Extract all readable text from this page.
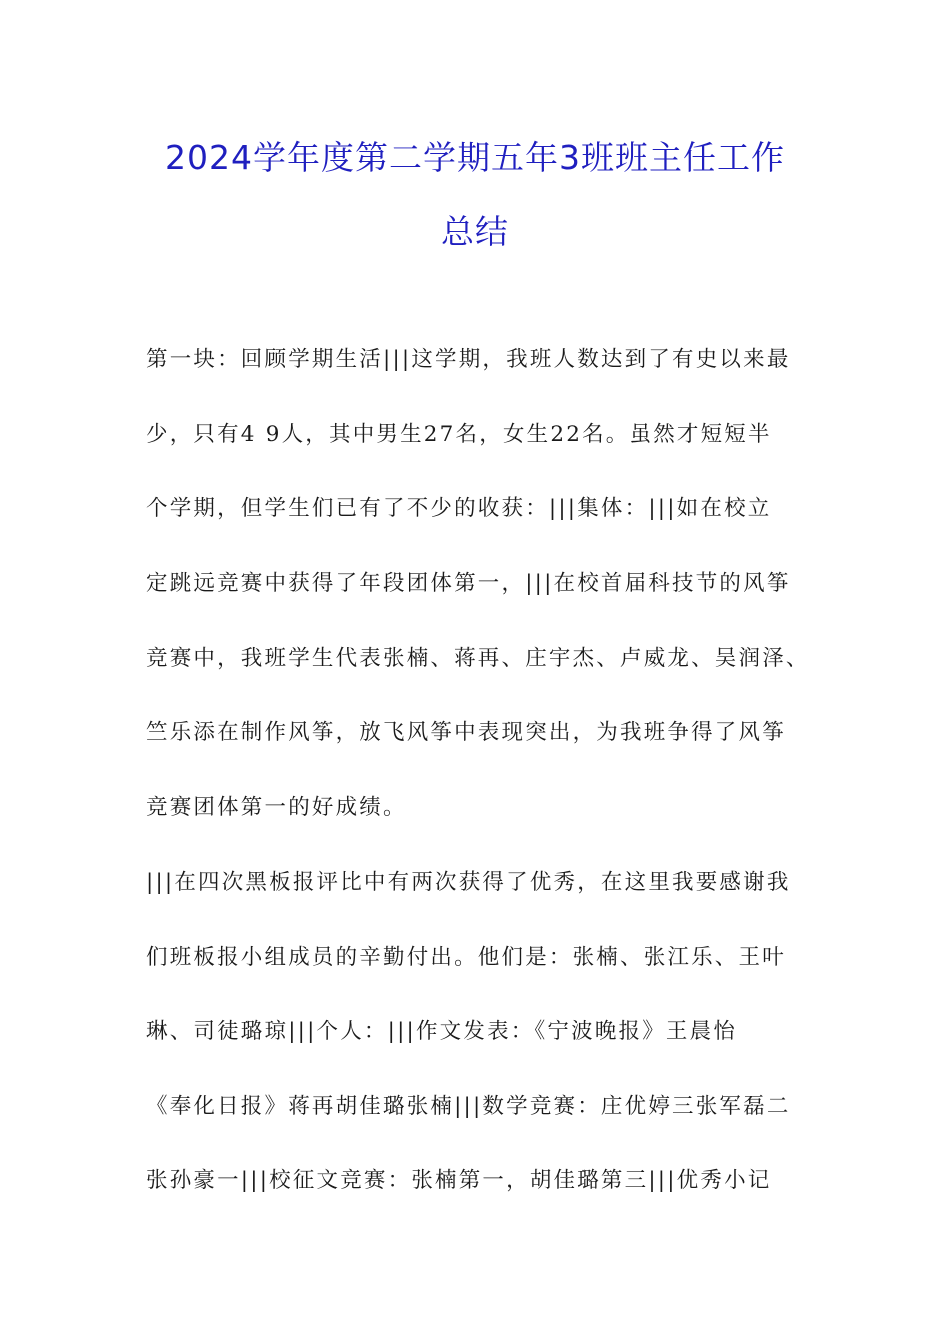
2024学年度第二学期五年3班班主任工作
总结
第一块：回顾学期生活|||这学期，我班人数达到了有史以来最
少，只有4 9人，其中男生27名，女生22名。虽然才短短半
个学期，但学生们已有了不少的收获：|||集体：|||如在校立
定跳远竞赛中获得了年段团体第一，|||在校首届科技节的风筝
竞赛中，我班学生代表张楠、蒋再、庄宇杰、卢威龙、吴润泽、
竺乐添在制作风筝，放飞风筝中表现突出，为我班争得了风筝
竞赛团体第一的好成绩。
|||在四次黑板报评比中有两次获得了优秀，在这里我要感谢我
们班板报小组成员的辛勤付出。他们是：张楠、张江乐、王叶
琳、司徒璐琼|||个人：|||作文发表：《宁波晚报》王晨怡
《奉化日报》蒋再胡佳璐张楠|||数学竞赛：庄优婷三张军磊二
张孙豪一|||校征文竞赛：张楠第一，胡佳璐第三|||优秀小记
